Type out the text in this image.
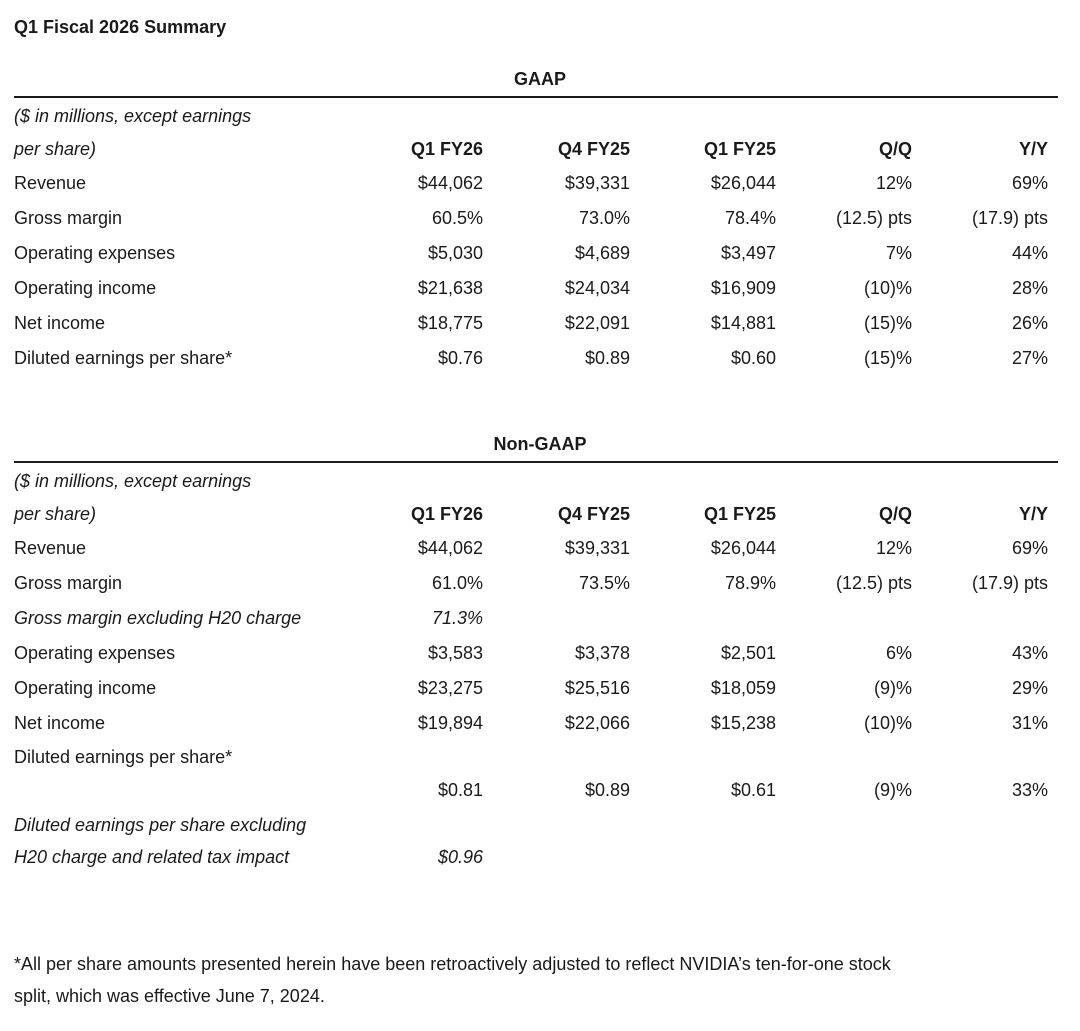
Q1 Fiscal 2026 Summary
GAAP
($ in millions, except earnings
per share)	Q1 FY26	Q4 FY25	Q1 FY25	Q/Q	Y/Y
Revenue	$44,062	$39,331	$26,044	12%	69%
Gross margin	60.5%	73.0%	78.4%	(12.5) pts	(17.9) pts
Operating expenses	$5,030	$4,689	$3,497	7%	44%
Operating income	$21,638	$24,034	$16,909	(10)%	28%
Net income	$18,775	$22,091	$14,881	(15)%	26%
Diluted earnings per share*	$0.76	$0.89	$0.60	(15)%	27%
Non-GAAP
($ in millions, except earnings
per share)	Q1 FY26	Q4 FY25	Q1 FY25	Q/Q	Y/Y
Revenue	$44,062	$39,331	$26,044	12%	69%
Gross margin	61.0%	73.5%	78.9%	(12.5) pts	(17.9) pts
Gross margin excluding H20 charge	71.3%
Operating expenses	$3,583	$3,378	$2,501	6%	43%
Operating income	$23,275	$25,516	$18,059	(9)%	29%
Net income	$19,894	$22,066	$15,238	(10)%	31%
Diluted earnings per share*
$0.81	$0.89	$0.61	(9)%	33%
Diluted earnings per share excluding
H20 charge and related tax impact	$0.96
*All per share amounts presented herein have been retroactively adjusted to reflect NVIDIA’s ten-for-one stock
split, which was effective June 7, 2024.
